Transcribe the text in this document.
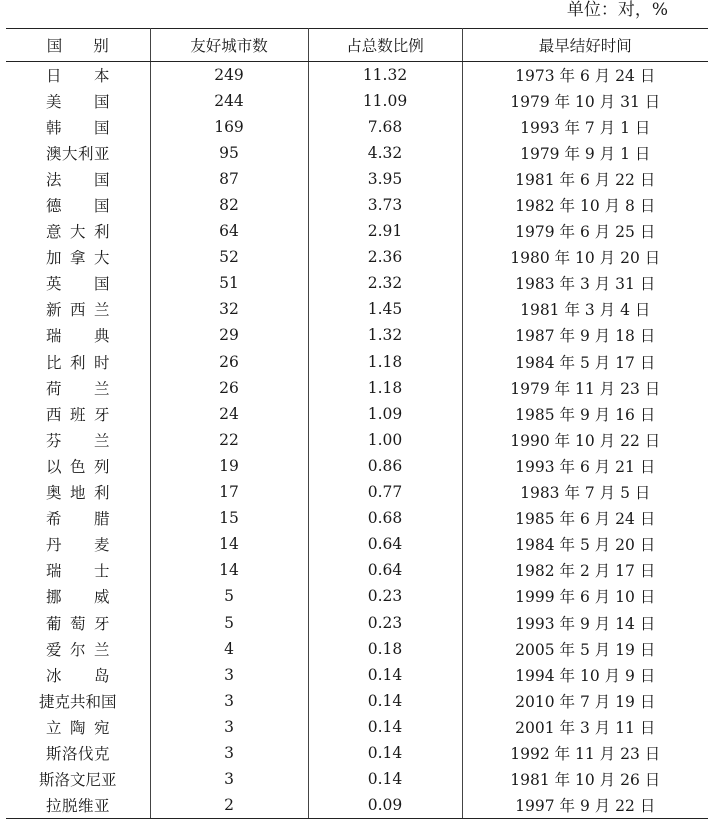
单位：对，%
国　　别	友好城市数	占总数比例	最早结好时间

日 本	249	11.32	1973 年 6 月 24 日

美 国	244	11.09	1979 年 10 月 31 日

韩 国	169	7.68	1993 年 7 月 1 日

澳 大 利 亚	95	4.32	1979 年 9 月 1 日

法 国	87	3.95	1981 年 6 月 22 日

德 国	82	3.73	1982 年 10 月 8 日

意 大 利	64	2.91	1979 年 6 月 25 日

加 拿 大	52	2.36	1980 年 10 月 20 日

英 国	51	2.32	1983 年 3 月 31 日

新 西 兰	32	1.45	1981 年 3 月 4 日

瑞 典	29	1.32	1987 年 9 月 18 日

比 利 时	26	1.18	1984 年 5 月 17 日

荷 兰	26	1.18	1979 年 11 月 23 日

西 班 牙	24	1.09	1985 年 9 月 16 日

芬 兰	22	1.00	1990 年 10 月 22 日

以 色 列	19	0.86	1993 年 6 月 21 日

奥 地 利	17	0.77	1983 年 7 月 5 日

希 腊	15	0.68	1985 年 6 月 24 日

丹 麦	14	0.64	1984 年 5 月 20 日

瑞 士	14	0.64	1982 年 2 月 17 日

挪 威	5	0.23	1999 年 6 月 10 日

葡 萄 牙	5	0.23	1993 年 9 月 14 日

爱 尔 兰	4	0.18	2005 年 5 月 19 日

冰 岛	3	0.14	1994 年 10 月 9 日

捷 克 共 和 国	3	0.14	2010 年 7 月 19 日

立 陶 宛	3	0.14	2001 年 3 月 11 日

斯 洛 伐 克	3	0.14	1992 年 11 月 23 日

斯 洛 文 尼 亚	3	0.14	1981 年 10 月 26 日

拉 脱 维 亚	2	0.09	1997 年 9 月 22 日
